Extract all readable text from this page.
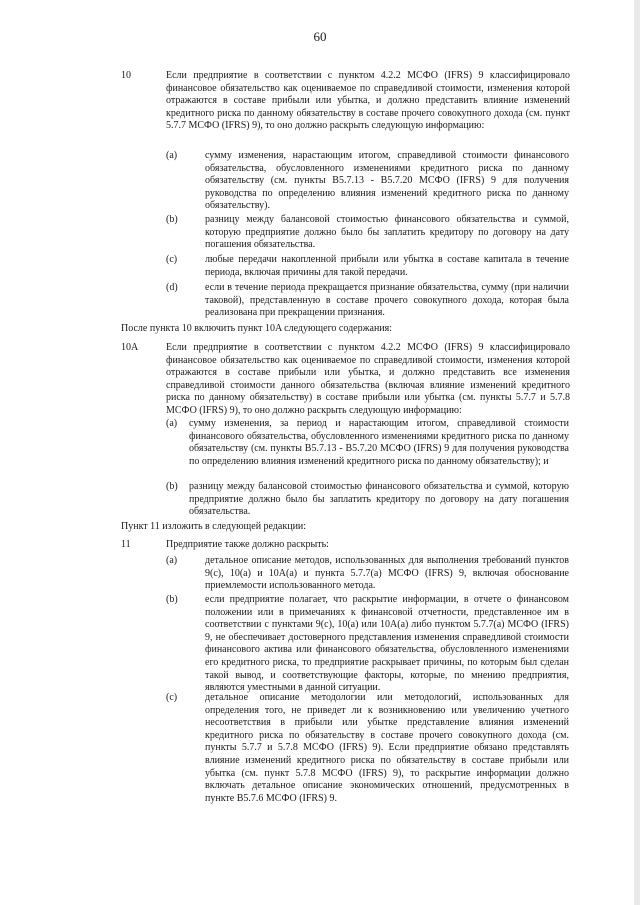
60
10	Если предприятие в соответствии с пунктом 4.2.2 МСФО (IFRS) 9 классифицировало финансовое обязательство как оцениваемое по справедливой стоимости, изменения которой отражаются в составе прибыли или убытка, и должно представить влияние изменений кредитного риска по данному обязательству в составе прочего совокупного дохода (см. пункт 5.7.7 МСФО (IFRS) 9), то оно должно раскрыть следующую информацию:
(a)	сумму изменения, нарастающим итогом, справедливой стоимости финансового обязательства, обусловленного изменениями кредитного риска по данному обязательству (см. пункты B5.7.13 - B5.7.20 МСФО (IFRS) 9 для получения руководства по определению влияния изменений кредитного риска по данному обязательству).
(b)	разницу между балансовой стоимостью финансового обязательства и суммой, которую предприятие должно было бы заплатить кредитору по договору на дату погашения обязательства.
(c)	любые передачи накопленной прибыли или убытка в составе капитала в течение периода, включая причины для такой передачи.
(d)	если в течение периода прекращается признание обязательства, сумму (при наличии таковой), представленную в составе прочего совокупного дохода, которая была реализована при прекращении признания.
После пункта 10 включить пункт 10A следующего содержания:
10A	Если предприятие в соответствии с пунктом 4.2.2 МСФО (IFRS) 9 классифицировало финансовое обязательство как оцениваемое по справедливой стоимости, изменения которой отражаются в составе прибыли или убытка, и должно представить все изменения справедливой стоимости данного обязательства (включая влияние изменений кредитного риска по данному обязательству) в составе прибыли или убытка (см. пункты 5.7.7 и 5.7.8 МСФО (IFRS) 9), то оно должно раскрыть следующую информацию:
(a) сумму изменения, за период и нарастающим итогом, справедливой стоимости финансового обязательства, обусловленного изменениями кредитного риска по данному обязательству (см. пункты B5.7.13 - B5.7.20 МСФО (IFRS) 9 для получения руководства по определению влияния изменений кредитного риска по данному обязательству); и
(b) разницу между балансовой стоимостью финансового обязательства и суммой, которую предприятие должно было бы заплатить кредитору по договору на дату погашения обязательства.
Пункт 11 изложить в следующей редакции:
11	Предприятие также должно раскрыть:
(a)	детальное описание методов, использованных для выполнения требований пунктов 9(c), 10(a) и 10A(a) и пункта 5.7.7(a) МСФО (IFRS) 9, включая обоснование приемлемости использованного метода.
(b)	если предприятие полагает, что раскрытие информации, в отчете о финансовом положении или в примечаниях к финансовой отчетности, представленное им в соответствии с пунктами 9(c), 10(a) или 10A(a) либо пунктом 5.7.7(a) МСФО (IFRS) 9, не обеспечивает достоверного представления изменения справедливой стоимости финансового актива или финансового обязательства, обусловленного изменениями его кредитного риска, то предприятие раскрывает причины, по которым был сделан такой вывод, и соответствующие факторы, которые, по мнению предприятия, являются уместными в данной ситуации.
(c)	детальное описание методологии или методологий, использованных для определения того, не приведет ли к возникновению или увеличению учетного несоответствия в прибыли или убытке представление влияния изменений кредитного риска по обязательству в составе прочего совокупного дохода (см. пункты 5.7.7 и 5.7.8 МСФО (IFRS) 9). Если предприятие обязано представлять влияние изменений кредитного риска по обязательству в составе прибыли или убытка (см. пункт 5.7.8 МСФО (IFRS) 9), то раскрытие информации должно включать детальное описание экономических отношений, предусмотренных в пункте B5.7.6 МСФО (IFRS) 9.
